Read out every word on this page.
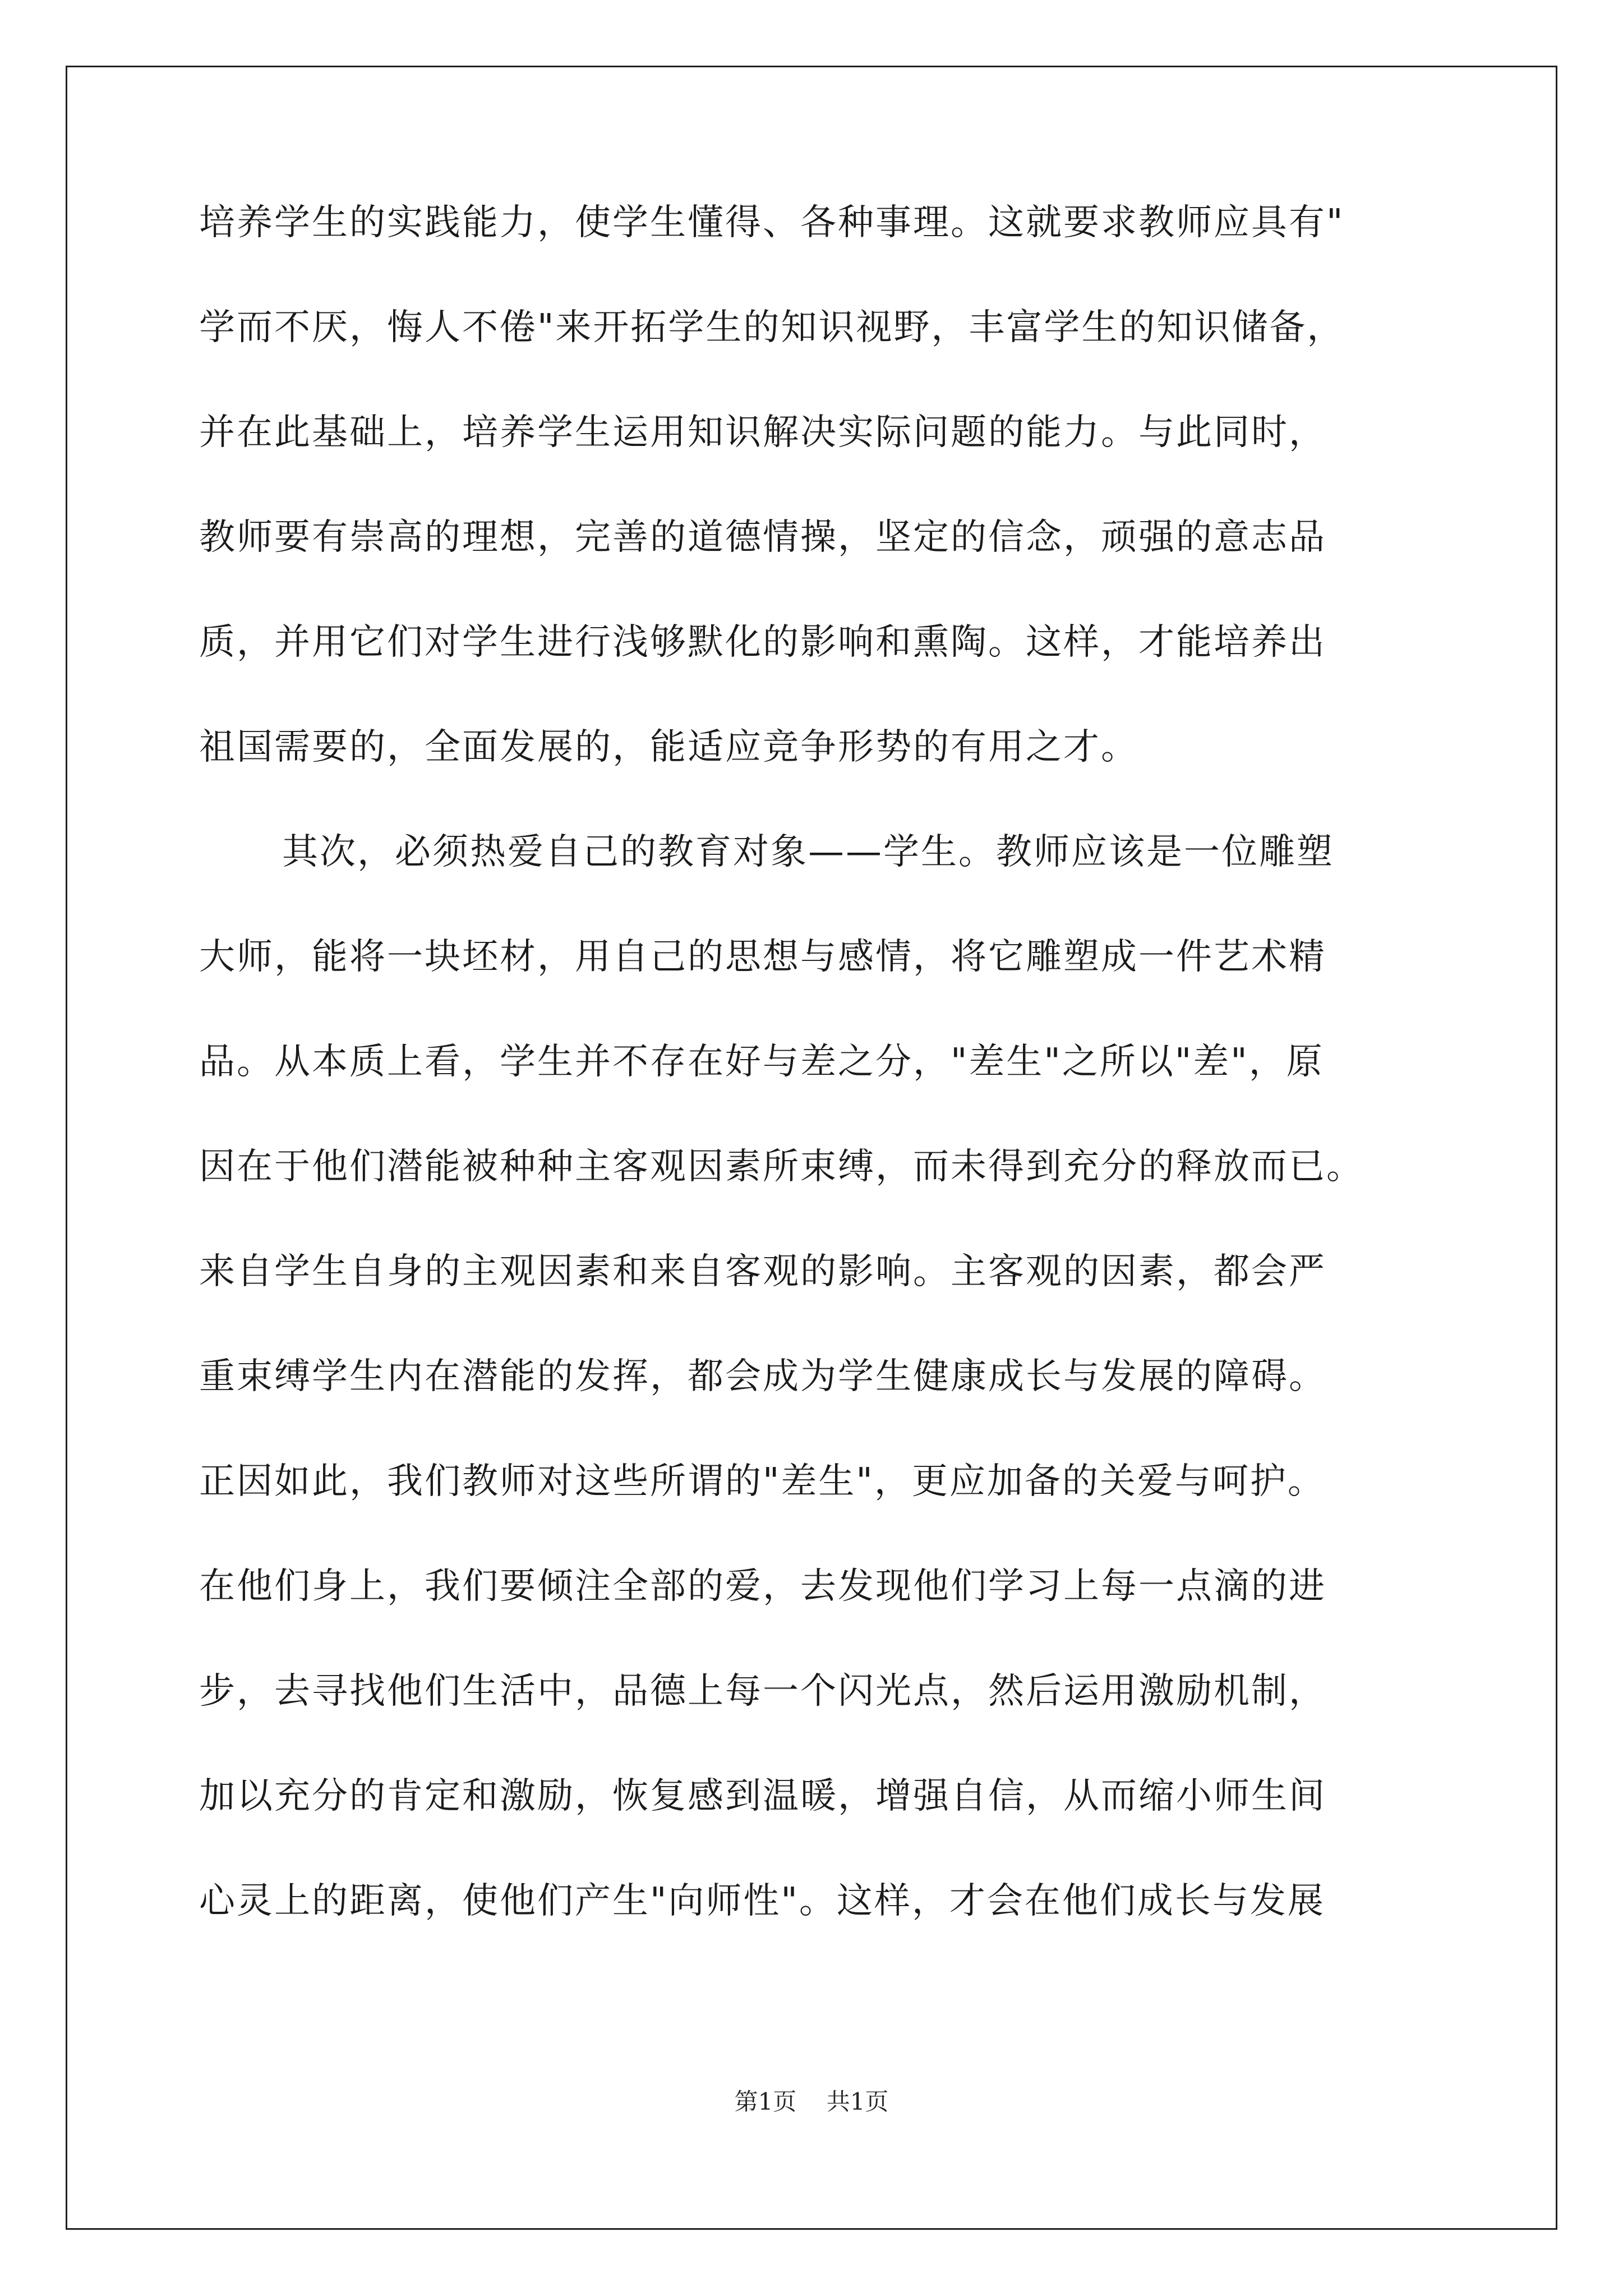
培养学生的实践能力，使学生懂得、各种事理。这就要求教师应具有"
学而不厌，悔人不倦"来开拓学生的知识视野，丰富学生的知识储备，
并在此基础上，培养学生运用知识解决实际问题的能力。与此同时，
教师要有崇高的理想，完善的道德情操，坚定的信念，顽强的意志品
质，并用它们对学生进行浅够默化的影响和熏陶。这样，才能培养出
祖国需要的，全面发展的，能适应竞争形势的有用之才。
其次，必须热爱自己的教育对象——学生。教师应该是一位雕塑
大师，能将一块坯材，用自己的思想与感情，将它雕塑成一件艺术精
品。从本质上看，学生并不存在好与差之分，"差生"之所以"差"，原
因在于他们潜能被种种主客观因素所束缚，而未得到充分的释放而已。
来自学生自身的主观因素和来自客观的影响。主客观的因素，都会严
重束缚学生内在潜能的发挥，都会成为学生健康成长与发展的障碍。
正因如此，我们教师对这些所谓的"差生"，更应加备的关爱与呵护。
在他们身上，我们要倾注全部的爱，去发现他们学习上每一点滴的进
步，去寻找他们生活中，品德上每一个闪光点，然后运用激励机制，
加以充分的肯定和激励，恢复感到温暖，增强自信，从而缩小师生间
心灵上的距离，使他们产生"向师性"。这样，才会在他们成长与发展
第1页 共1页
